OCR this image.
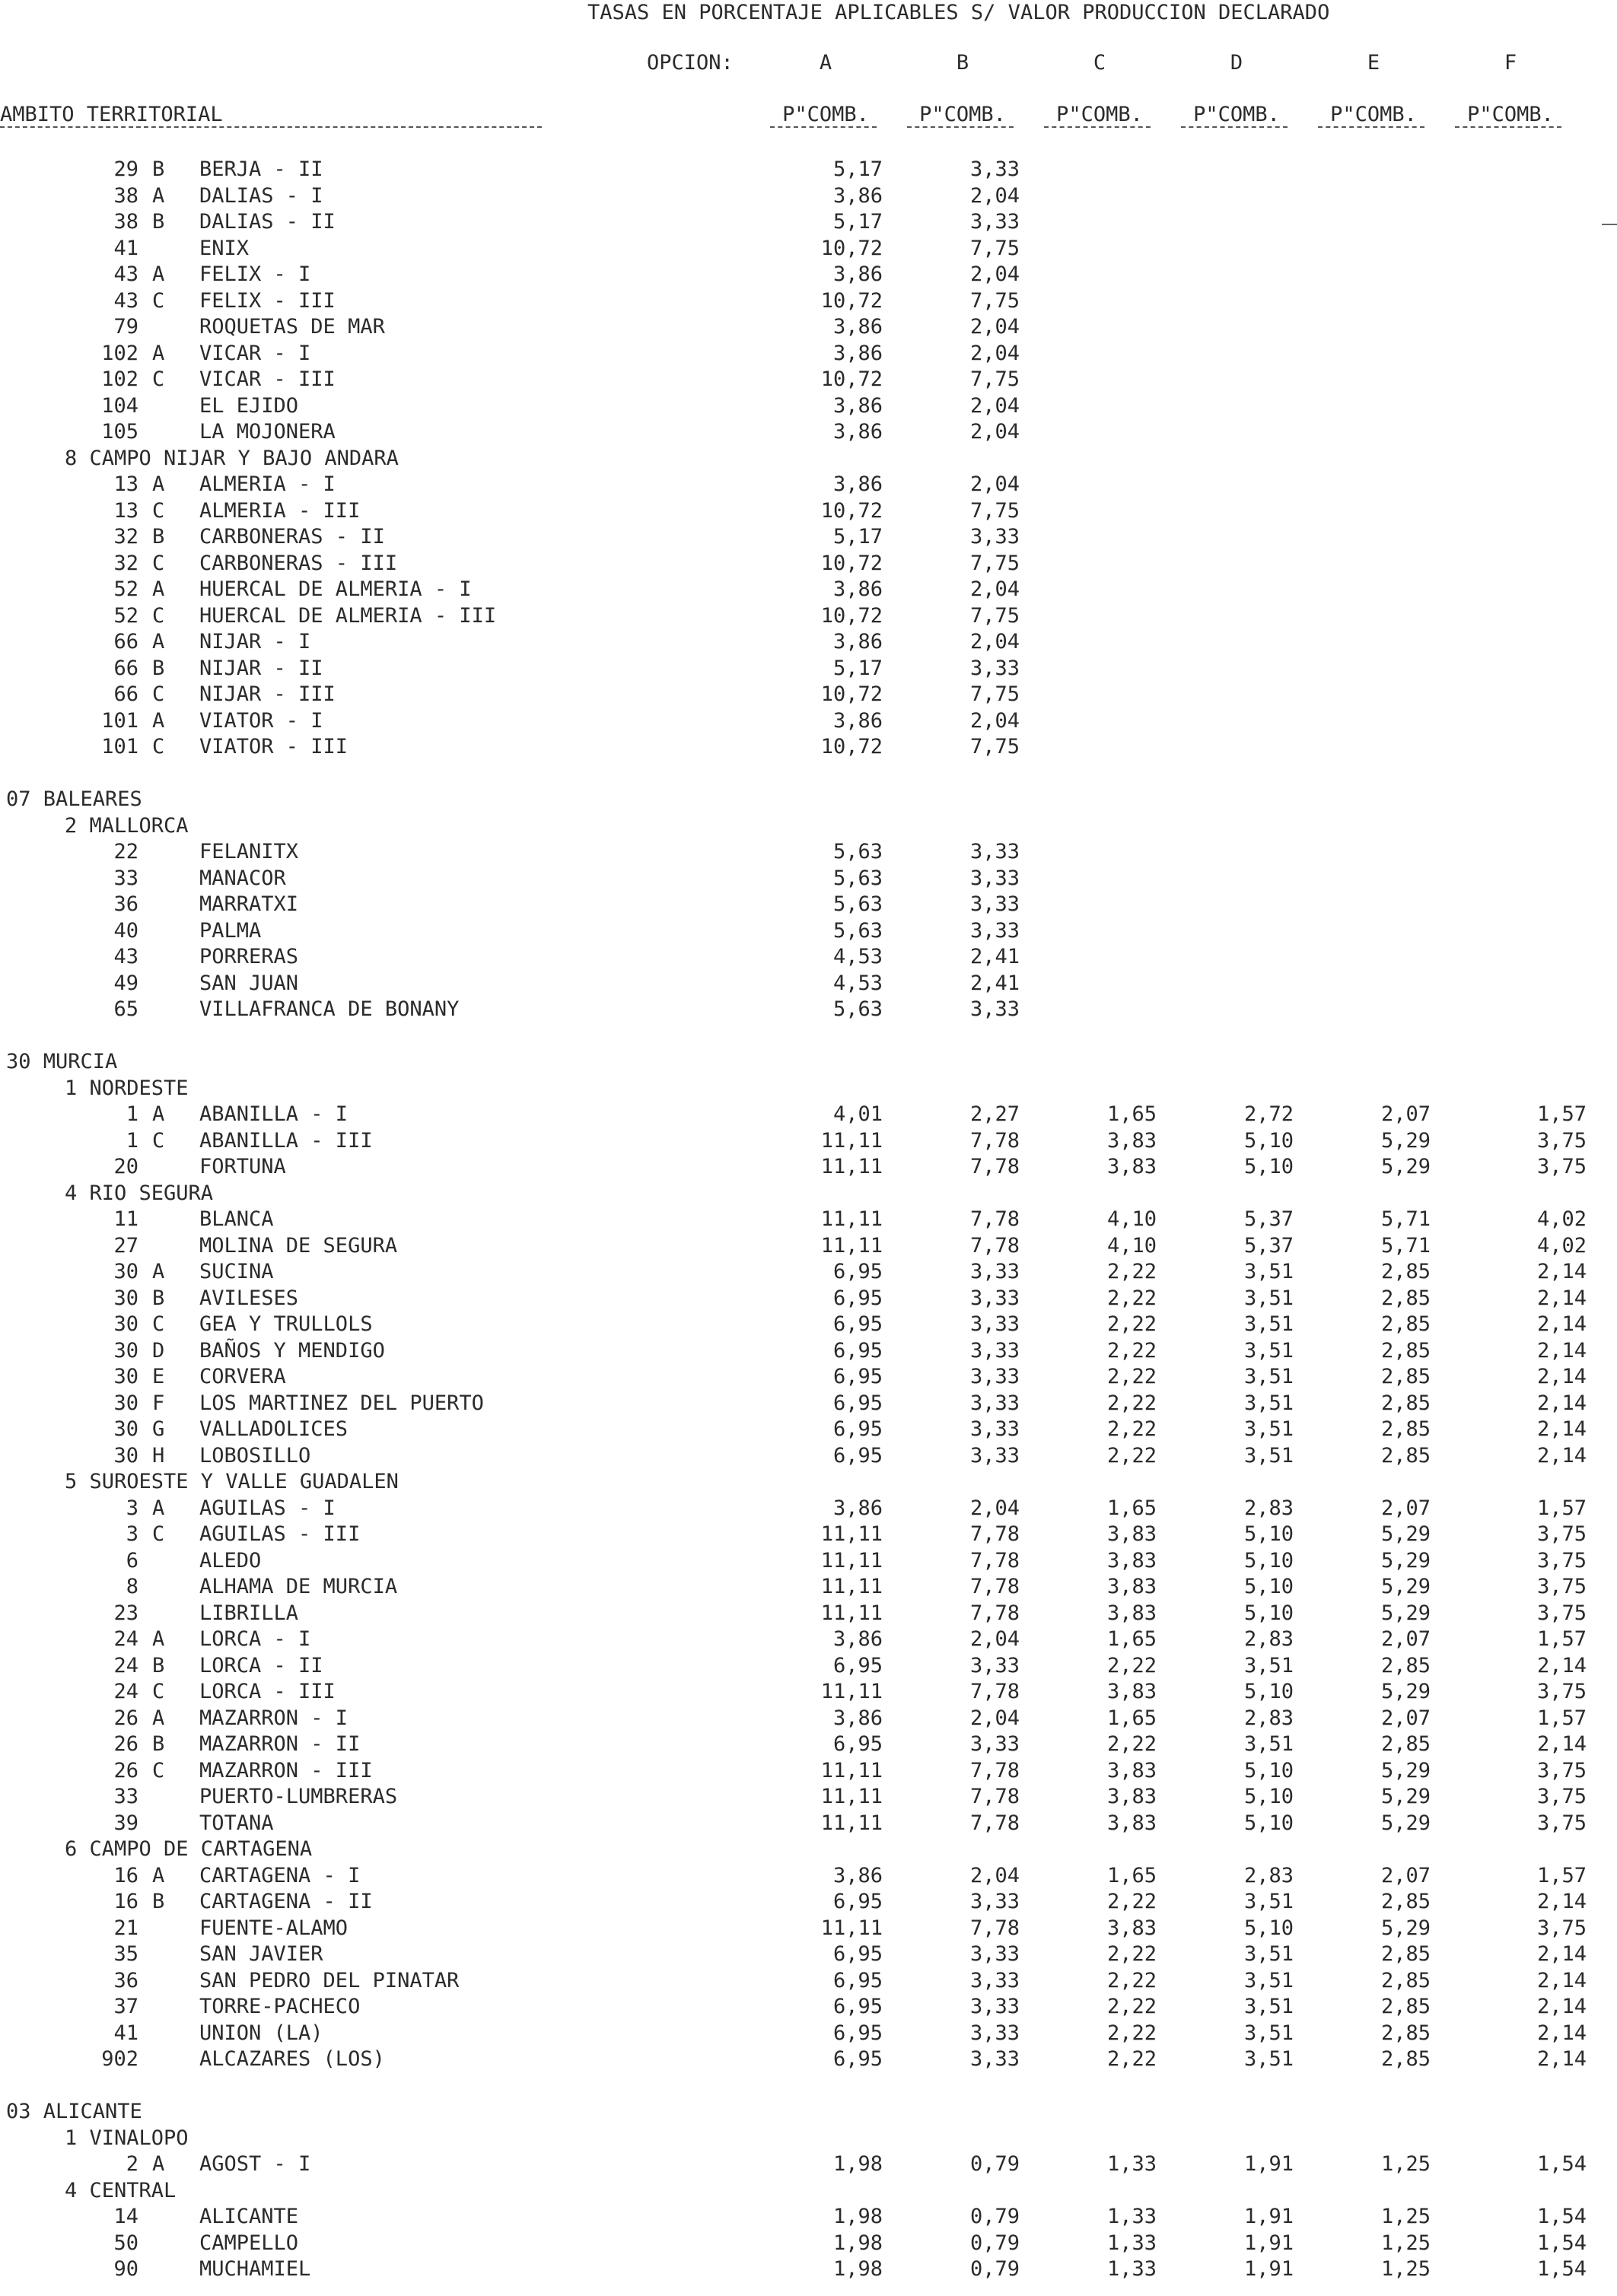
TASAS EN PORCENTAJE APLICABLES S/ VALOR PRODUCCION DECLARADO
OPCION:	A	B	C	D	E	F
AMBITO TERRITORIAL	P"COMB.	P"COMB.	P"COMB.	P"COMB.	P"COMB.	P"COMB.
29 B BERJA - II	5,17	3,33
38 A DALIAS - I	3,86	2,04
38 B DALIAS - II	5,17	3,33
41	ENIX	10,72	7,75
43 A FELIX - I	3,86	2,04
43 C FELIX - III	10,72	7,75
79	ROQUETAS DE MAR	3,86	2,04
102 A VICAR - I	3,86	2,04
102 C VICAR - III	10,72	7,75
104	EL EJIDO	3,86	2,04
105	LA MOJONERA	3,86	2,04
8 CAMPO NIJAR Y BAJO ANDARA
13 A ALMERIA - I	3,86	2,04
13 C ALMERIA - III	10,72	7,75
32 B CARBONERAS - II	5,17	3,33
32 C CARBONERAS - III	10,72	7,75
52 A HUERCAL DE ALMERIA - I	3,86	2,04
52 C HUERCAL DE ALMERIA - III	10,72	7,75
66 A NIJAR - I	3,86	2,04
66 B NIJAR - II	5,17	3,33
66 C NIJAR - III	10,72	7,75
101 A VIATOR - I	3,86	2,04
101 C VIATOR - III	10,72	7,75
07 BALEARES
2 MALLORCA
22	FELANITX	5,63	3,33
33	MANACOR	5,63	3,33
36	MARRATXI	5,63	3,33
40	PALMA	5,63	3,33
43	PORRERAS	4,53	2,41
49	SAN JUAN	4,53	2,41
65	VILLAFRANCA DE BONANY	5,63	3,33
30 MURCIA
1 NORDESTE
1 A ABANILLA - I	4,01	2,27	1,65	2,72	2,07	1,57
1 C ABANILLA - III	11,11	7,78	3,83	5,10	5,29	3,75
20	FORTUNA	11,11	7,78	3,83	5,10	5,29	3,75
4 RIO SEGURA
11	BLANCA	11,11	7,78	4,10	5,37	5,71	4,02
27	MOLINA DE SEGURA	11,11	7,78	4,10	5,37	5,71	4,02
30 A SUCINA	6,95	3,33	2,22	3,51	2,85	2,14
30 B AVILESES	6,95	3,33	2,22	3,51	2,85	2,14
30 C GEA Y TRULLOLS	6,95	3,33	2,22	3,51	2,85	2,14
30 D BAÑOS Y MENDIGO	6,95	3,33	2,22	3,51	2,85	2,14
30 E CORVERA	6,95	3,33	2,22	3,51	2,85	2,14
30 F LOS MARTINEZ DEL PUERTO	6,95	3,33	2,22	3,51	2,85	2,14
30 G VALLADOLICES	6,95	3,33	2,22	3,51	2,85	2,14
30 H LOBOSILLO	6,95	3,33	2,22	3,51	2,85	2,14
5 SUROESTE Y VALLE GUADALEN
3 A AGUILAS - I	3,86	2,04	1,65	2,83	2,07	1,57
3 C AGUILAS - III	11,11	7,78	3,83	5,10	5,29	3,75
6	ALEDO	11,11	7,78	3,83	5,10	5,29	3,75
8	ALHAMA DE MURCIA	11,11	7,78	3,83	5,10	5,29	3,75
23	LIBRILLA	11,11	7,78	3,83	5,10	5,29	3,75
24 A LORCA - I	3,86	2,04	1,65	2,83	2,07	1,57
24 B LORCA - II	6,95	3,33	2,22	3,51	2,85	2,14
24 C LORCA - III	11,11	7,78	3,83	5,10	5,29	3,75
26 A MAZARRON - I	3,86	2,04	1,65	2,83	2,07	1,57
26 B MAZARRON - II	6,95	3,33	2,22	3,51	2,85	2,14
26 C MAZARRON - III	11,11	7,78	3,83	5,10	5,29	3,75
33	PUERTO-LUMBRERAS	11,11	7,78	3,83	5,10	5,29	3,75
39	TOTANA	11,11	7,78	3,83	5,10	5,29	3,75
6 CAMPO DE CARTAGENA
16 A CARTAGENA - I	3,86	2,04	1,65	2,83	2,07	1,57
16 B CARTAGENA - II	6,95	3,33	2,22	3,51	2,85	2,14
21	FUENTE-ALAMO	11,11	7,78	3,83	5,10	5,29	3,75
35	SAN JAVIER	6,95	3,33	2,22	3,51	2,85	2,14
36	SAN PEDRO DEL PINATAR	6,95	3,33	2,22	3,51	2,85	2,14
37	TORRE-PACHECO	6,95	3,33	2,22	3,51	2,85	2,14
41	UNION (LA)	6,95	3,33	2,22	3,51	2,85	2,14
902	ALCAZARES (LOS)	6,95	3,33	2,22	3,51	2,85	2,14
03 ALICANTE
1 VINALOPO
2 A AGOST - I	1,98	0,79	1,33	1,91	1,25	1,54
4 CENTRAL
14	ALICANTE	1,98	0,79	1,33	1,91	1,25	1,54
50	CAMPELLO	1,98	0,79	1,33	1,91	1,25	1,54
90	MUCHAMIEL	1,98	0,79	1,33	1,91	1,25	1,54
